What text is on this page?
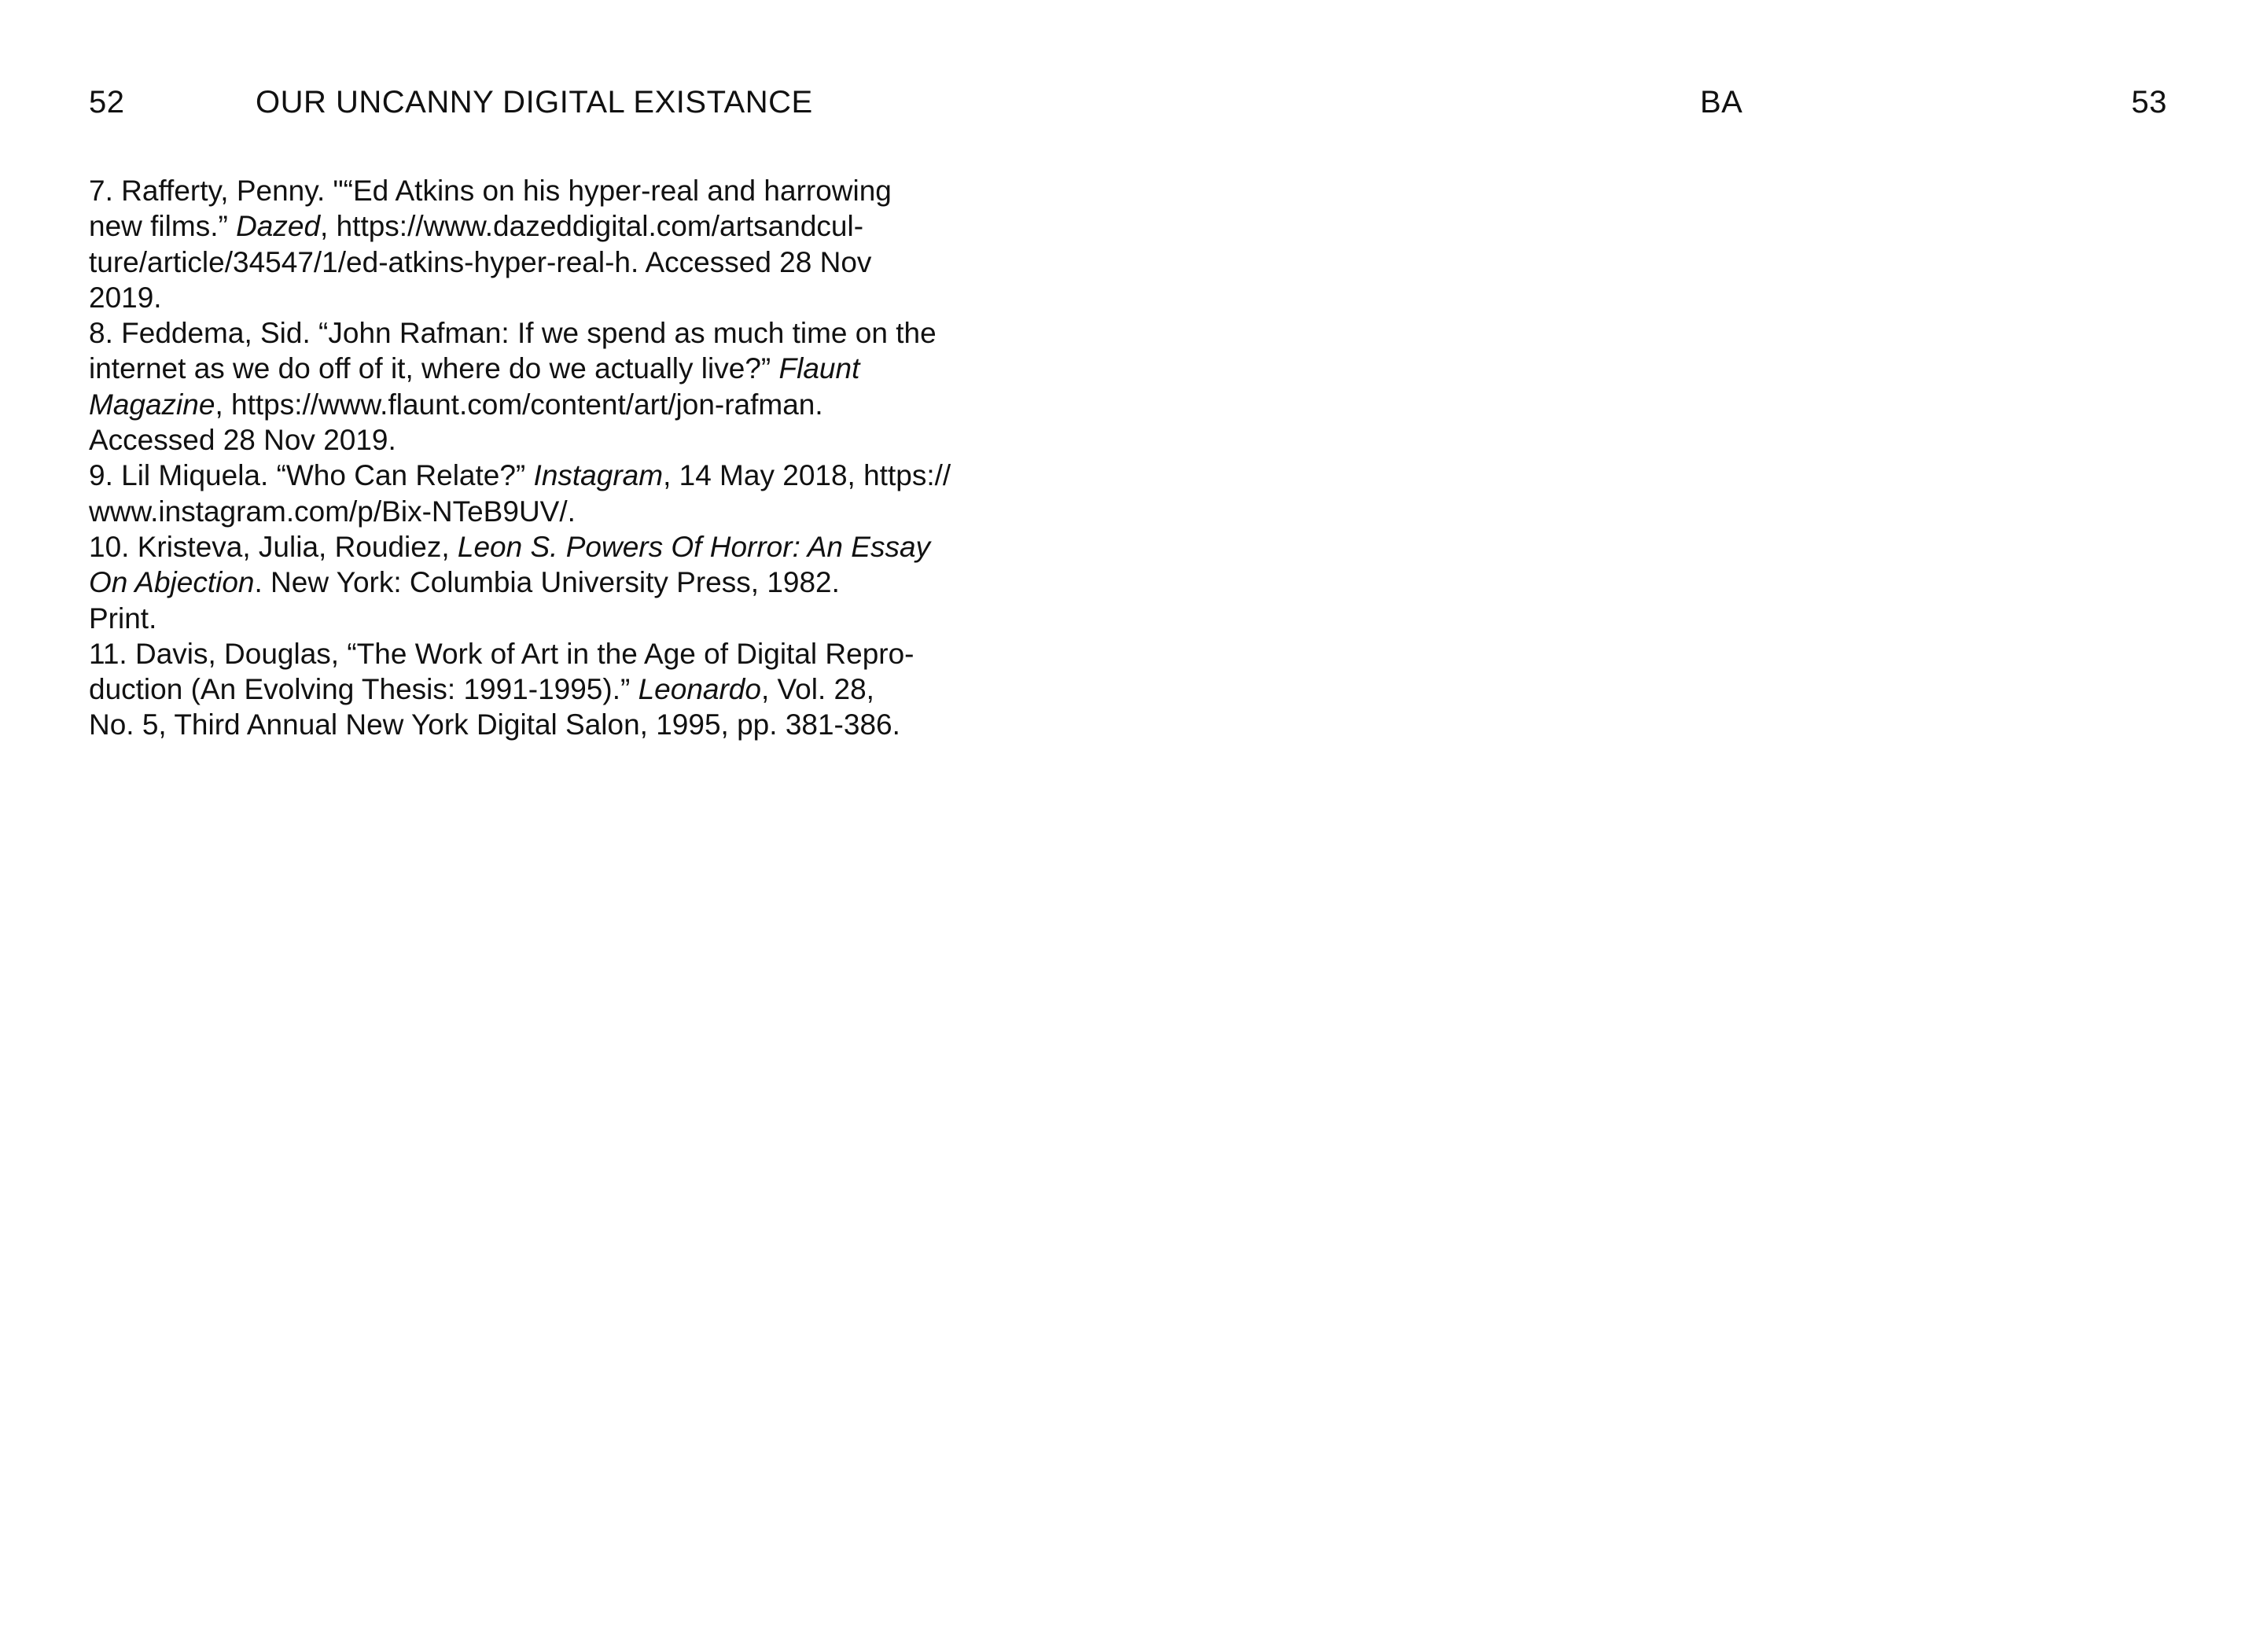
52	OUR UNCANNY DIGITAL EXISTANCE
7. Rafferty, Penny. "“Ed Atkins on his hyper-real and harrowing
new films.” Dazed, https://www.dazeddigital.com/artsandcul-
ture/article/34547/1/ed-atkins-hyper-real-h. Accessed 28 Nov
2019.
8. Feddema, Sid. “John Rafman: If we spend as much time on the
internet as we do off of it, where do we actually live?” Flaunt
Magazine, https://www.flaunt.com/content/art/jon-rafman.
Accessed 28 Nov 2019.
9. Lil Miquela. “Who Can Relate?” Instagram, 14 May 2018, https://
www.instagram.com/p/Bix-NTeB9UV/.
10. Kristeva, Julia, Roudiez, Leon S. Powers Of Horror: An Essay
On Abjection. New York: Columbia University Press, 1982.
Print.
11. Davis, Douglas, “The Work of Art in the Age of Digital Repro-
duction (An Evolving Thesis: 1991-1995).” Leonardo, Vol. 28,
No. 5, Third Annual New York Digital Salon, 1995, pp. 381-386.
BA	53
